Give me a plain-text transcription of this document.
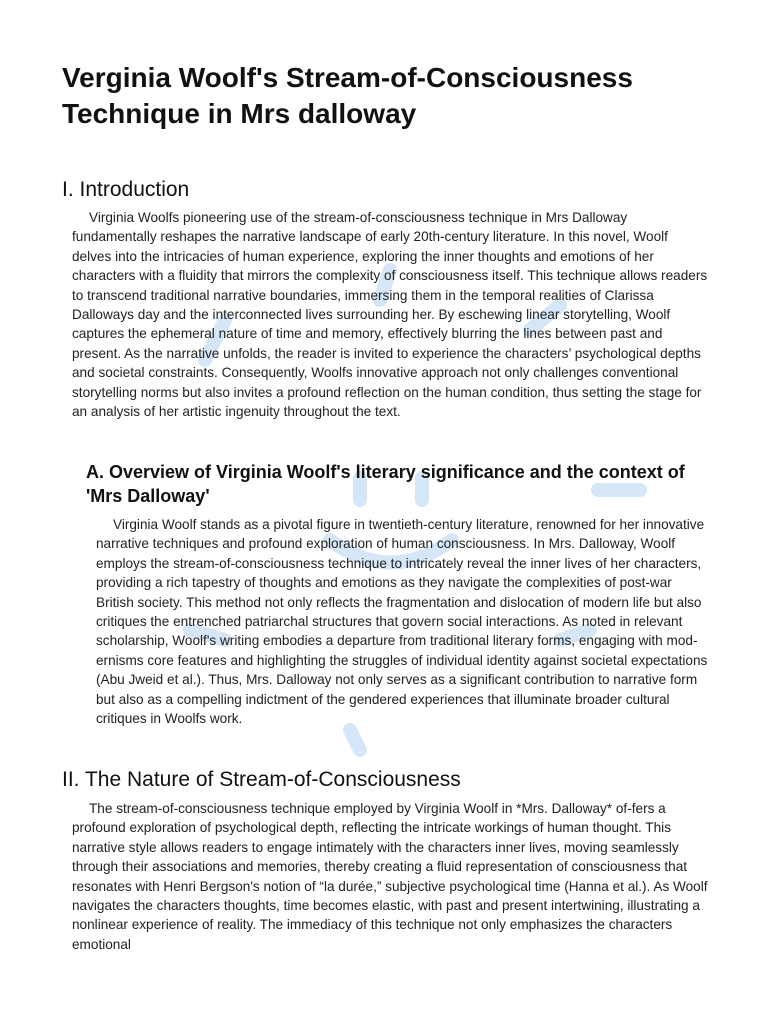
Verginia Woolf's Stream-of-Consciousness Technique in Mrs dalloway
I. Introduction

Virginia Woolfs pioneering use of the stream-of-consciousness technique in Mrs Dalloway fundamentally reshapes the narrative landscape of early 20th-century literature. In this novel, Woolf delves into the intricacies of human experience, exploring the inner thoughts and emotions of her characters with a fluidity that mirrors the complexity of consciousness itself. This technique allows readers to transcend traditional narrative boundaries, immersing them in the temporal realities of Clarissa Dalloways day and the interconnected lives surrounding her. By eschewing linear storytelling, Woolf captures the ephemeral nature of time and memory, effectively blurring the lines between past and present. As the narrative unfolds, the reader is invited to experience the characters’ psychological depths and societal constraints. Consequently, Woolfs innovative approach not only challenges conventional storytelling norms but also invites a profound reflection on the human condition, thus setting the stage for an analysis of her artistic ingenuity throughout the text.

A. Overview of Virginia Woolf's literary significance and the context of 'Mrs Dalloway'

Virginia Woolf stands as a pivotal figure in twentieth-century literature, renowned for her innovative narrative techniques and profound exploration of human consciousness. In Mrs. Dalloway, Woolf employs the stream-of-consciousness technique to intricately reveal the inner lives of her characters, providing a rich tapestry of thoughts and emotions as they navigate the complexities of post-war British society. This method not only reflects the fragmentation and dislocation of modern life but also critiques the entrenched patriarchal structures that govern social interactions. As noted in relevant scholarship, Woolf's writing embodies a departure from traditional literary forms, engaging with mod-ernisms core features and highlighting the struggles of individual identity against societal expectations (Abu Jweid et al.). Thus, Mrs. Dalloway not only serves as a significant contribution to narrative form but also as a compelling indictment of the gendered experiences that illuminate broader cultural critiques in Woolfs work.

II. The Nature of Stream-of-Consciousness

The stream-of-consciousness technique employed by Virginia Woolf in *Mrs. Dalloway* of-fers a profound exploration of psychological depth, reflecting the intricate workings of human thought. This narrative style allows readers to engage intimately with the characters inner lives, moving seamlessly through their associations and memories, thereby creating a fluid representation of consciousness that resonates with Henri Bergson's notion of “la durée,” subjective psychological time (Hanna et al.). As Woolf navigates the characters thoughts, time becomes elastic, with past and present intertwining, illustrating a nonlinear experience of reality. The immediacy of this technique not only emphasizes the characters emotional
